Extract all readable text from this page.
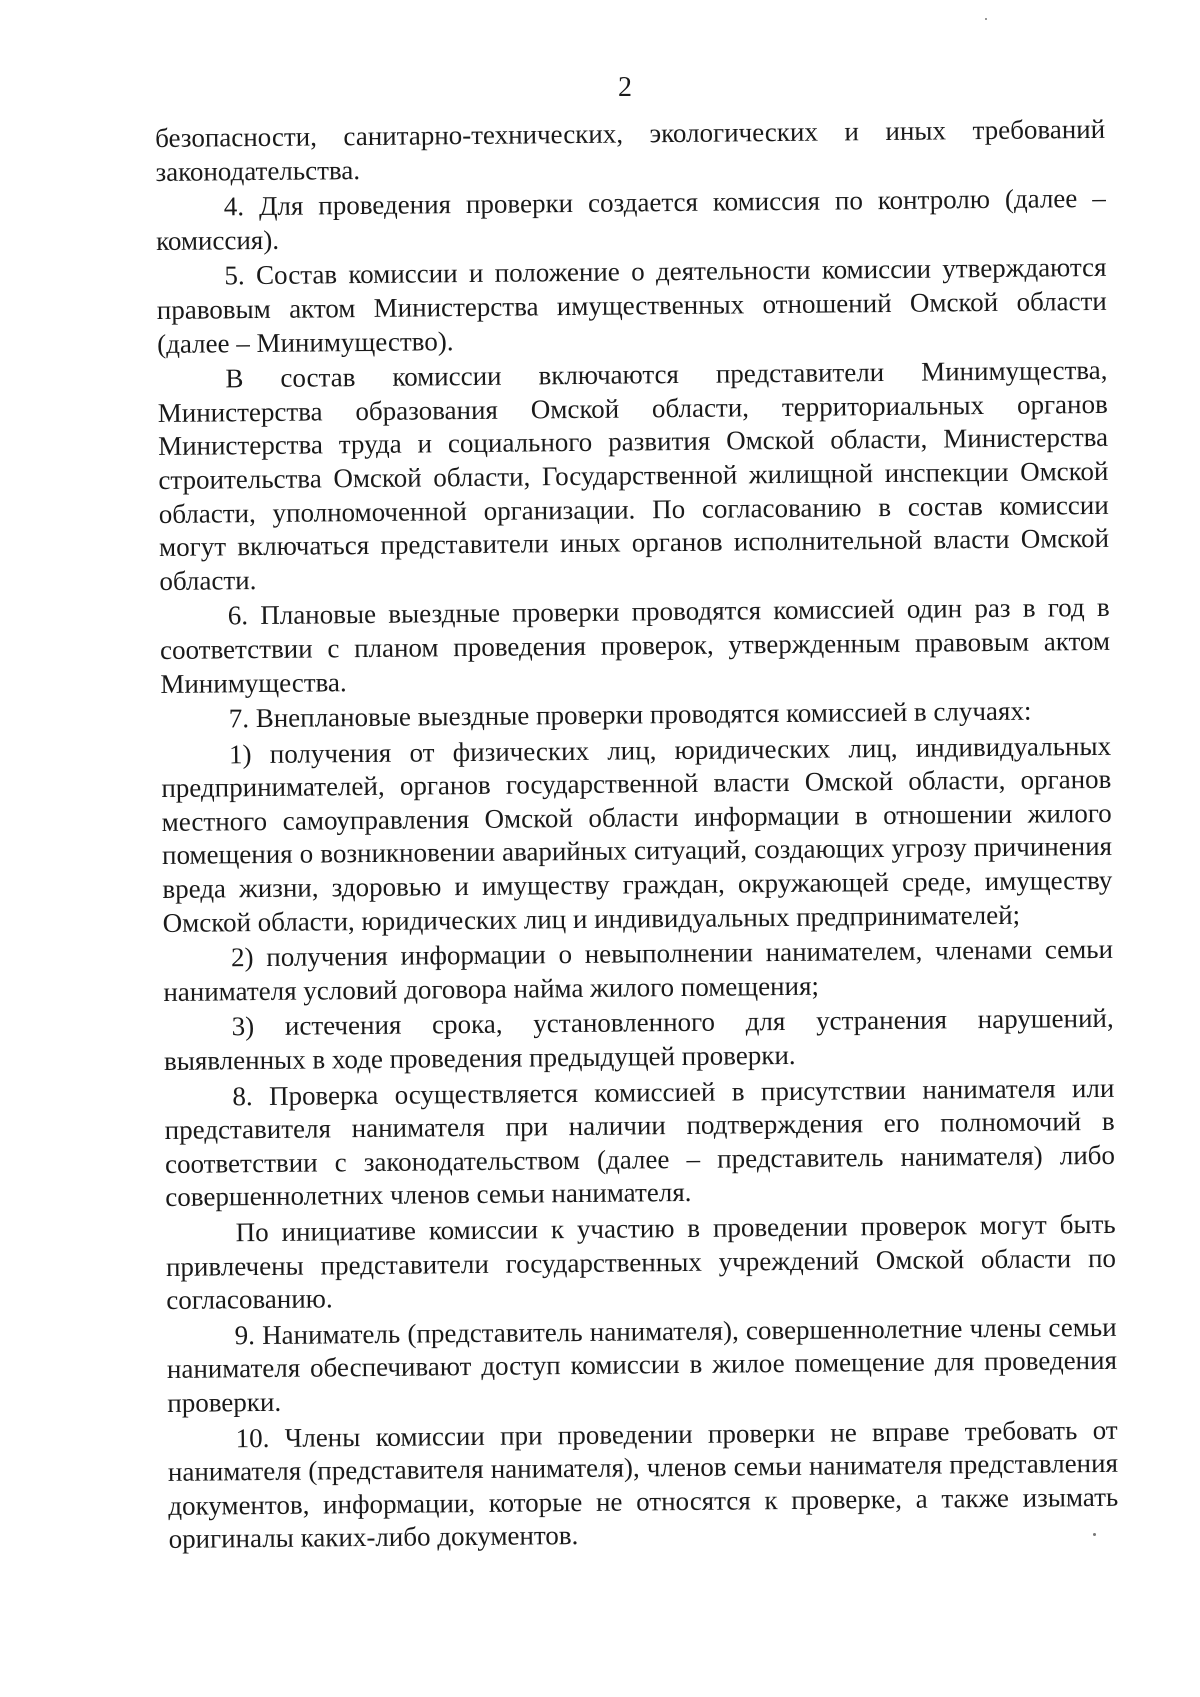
2

безопасности, санитарно-технических, экологических и иных требований законодательства.

4. Для проведения проверки создается комиссия по контролю (далее – комиссия).

5. Состав комиссии и положение о деятельности комиссии утверждаются правовым актом Министерства имущественных отношений Омской области (далее – Минимущество).

В состав комиссии включаются представители Минимущества, Министерства образования Омской области, территориальных органов Министерства труда и социального развития Омской области, Министерства строительства Омской области, Государственной жилищной инспекции Омской области, уполномоченной организации. По согласованию в состав комиссии могут включаться представители иных органов исполнительной власти Омской области.

6. Плановые выездные проверки проводятся комиссией один раз в год в соответствии с планом проведения проверок, утвержденным правовым актом Минимущества.

7. Внеплановые выездные проверки проводятся комиссией в случаях:

1) получения от физических лиц, юридических лиц, индивидуальных предпринимателей, органов государственной власти Омской области, органов местного самоуправления Омской области информации в отношении жилого помещения о возникновении аварийных ситуаций, создающих угрозу причинения вреда жизни, здоровью и имуществу граждан, окружающей среде, имуществу Омской области, юридических лиц и индивидуальных предпринимателей;

2) получения информации о невыполнении нанимателем, членами семьи нанимателя условий договора найма жилого помещения;

3) истечения срока, установленного для устранения нарушений, выявленных в ходе проведения предыдущей проверки.

8. Проверка осуществляется комиссией в присутствии нанимателя или представителя нанимателя при наличии подтверждения его полномочий в соответствии с законодательством (далее – представитель нанимателя) либо совершеннолетних членов семьи нанимателя.

По инициативе комиссии к участию в проведении проверок могут быть привлечены представители государственных учреждений Омской области по согласованию.

9. Наниматель (представитель нанимателя), совершеннолетние члены семьи нанимателя обеспечивают доступ комиссии в жилое помещение для проведения проверки.

10. Члены комиссии при проведении проверки не вправе требовать от нанимателя (представителя нанимателя), членов семьи нанимателя представления документов, информации, которые не относятся к проверке, а также изымать оригиналы каких-либо документов.
